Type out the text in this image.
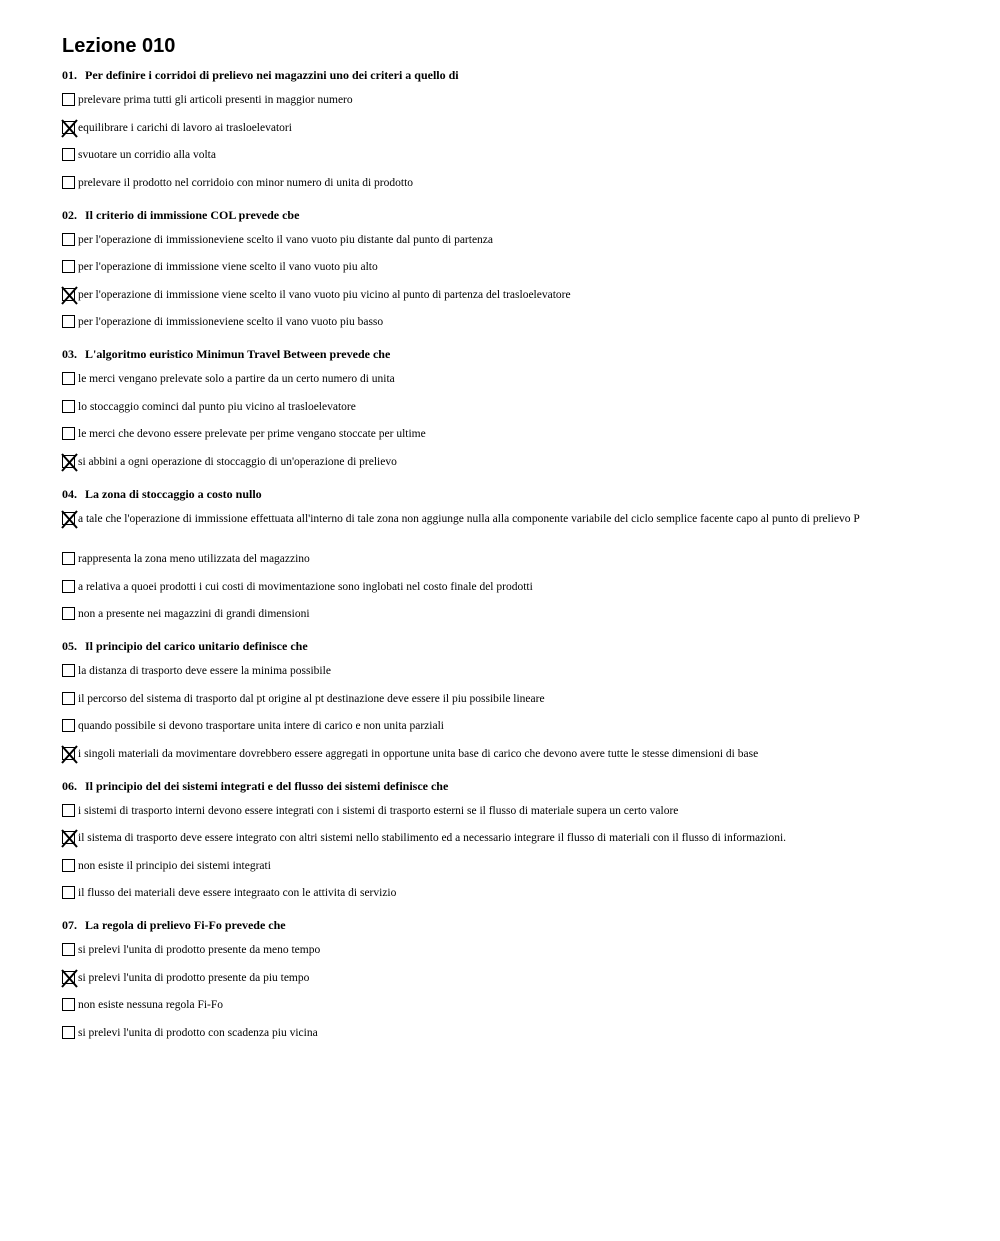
Lezione 010
01. Per definire i corridoi di prelievo nei magazzini uno dei criteri a quello di
prelevare prima tutti gli articoli presenti in maggior numero
equilibrare i carichi di lavoro ai trasloelevatori
svuotare un corridio alla volta
prelevare il prodotto nel corridoio con minor numero di unita di prodotto
02. Il criterio di immissione COL prevede cbe
per l'operazione di immissioneviene scelto il vano vuoto piu distante dal punto di partenza
per l'operazione di immissione viene scelto il vano vuoto piu alto
per l'operazione di immissione viene scelto il vano vuoto piu vicino al punto di partenza del trasloelevatore
per l'operazione di immissioneviene scelto il vano vuoto piu basso
03. L'algoritmo euristico Minimun Travel Between prevede che
le merci vengano prelevate solo a partire da un certo numero di unita
lo stoccaggio cominci dal punto piu vicino al trasloelevatore
le merci che devono essere prelevate per prime vengano stoccate per ultime
si abbini a ogni operazione di stoccaggio di un'operazione di prelievo
04. La zona di stoccaggio a costo nullo
a tale che l'operazione di immissione effettuata all'interno di tale zona non aggiunge nulla alla componente variabile del ciclo semplice facente capo al punto di prelievo P
rappresenta la zona meno utilizzata del magazzino
a relativa a quoei prodotti i cui costi di movimentazione sono inglobati nel costo finale del prodotti
non a presente nei magazzini di grandi dimensioni
05. Il principio del carico unitario definisce che
la distanza di trasporto deve essere la minima possibile
il percorso del sistema di trasporto dal pt origine al pt destinazione deve essere il piu possibile lineare
quando possibile si devono trasportare unita intere di carico e non unita parziali
i singoli materiali da movimentare dovrebbero essere aggregati in opportune unita base di carico che devono avere tutte le stesse dimensioni di base
06. Il principio del dei sistemi integrati e del flusso dei sistemi definisce che
i sistemi di trasporto interni devono essere integrati con i sistemi di trasporto esterni se il flusso di materiale supera un certo valore
il sistema di trasporto deve essere integrato con altri sistemi nello stabilimento ed a necessario integrare il flusso di materiali con il flusso di informazioni.
non esiste il principio dei sistemi integrati
il flusso dei materiali deve essere integraato con le attivita di servizio
07. La regola di prelievo Fi-Fo prevede che
si prelevi l'unita di prodotto presente da meno tempo
si prelevi l'unita di prodotto presente da piu tempo
non esiste nessuna regola Fi-Fo
si prelevi l'unita di prodotto con scadenza piu vicina
